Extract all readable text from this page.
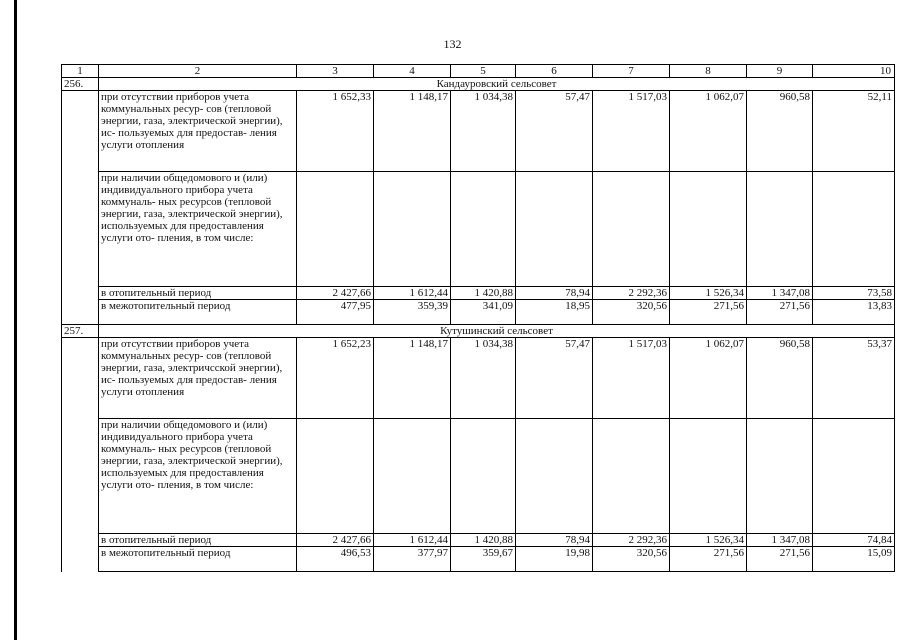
132
1	2	3	4	5	6	7	8	9	10
256.	Кандауровский сельсовет								
	при отсутствии приборов учета коммунальных ресур- сов (тепловой энергии, газа, электрической энергии), ис- пользуемых для предостав- ления услуги отопления	1 652,33	1 148,17	1 034,38	57,47	1 517,03	1 062,07	960,58	52,11
	при наличии общедомового и (или) индивидуального прибора учета коммуналь- ных ресурсов (тепловой энергии, газа, электрической энергии), используемых для предоставления услуги ото- пления, в том числе:								
	в отопительный период	2 427,66	1 612,44	1 420,88	78,94	2 292,36	1 526,34	1 347,08	73,58
	в межотопительный период	477,95	359,39	341,09	18,95	320,56	271,56	271,56	13,83
257.	Кутушинский сельсовет								
	при отсутствии приборов учета коммунальных ресур- сов (тепловой энергии, газа, электричсской энергии), ис- пользуемых для предостав- ления услуги отопления	1 652,23	1 148,17	1 034,38	57,47	1 517,03	1 062,07	960,58	53,37
	при наличии общедомового и (или) индивидуального прибора учета коммуналь- ных ресурсов (тепловой энергии, газа, электрической энергии), используемых для предоставления услуги ото- пления, в том числе:								
	в отопительный период	2 427,66	1 612,44	1 420,88	78,94	2 292,36	1 526,34	1 347,08	74,84
	в межотопительный период	496,53	377,97	359,67	19,98	320,56	271,56	271,56	15,09
